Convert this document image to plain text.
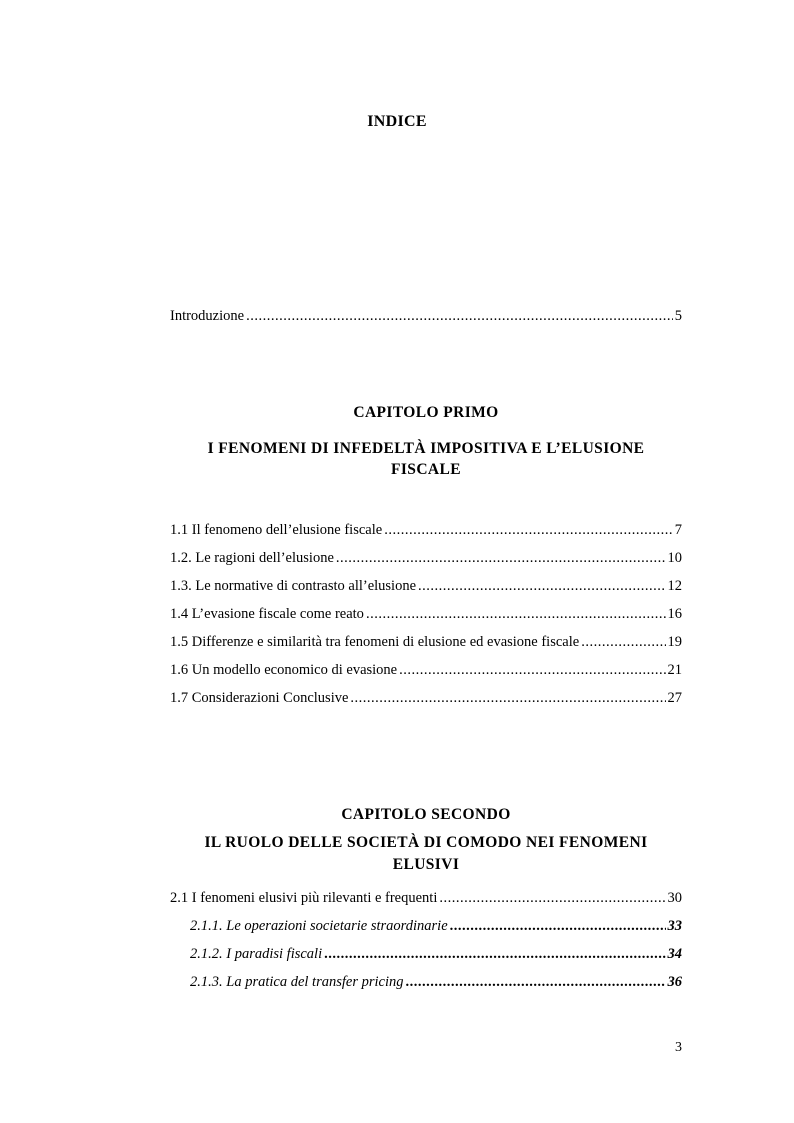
INDICE
Introduzione .....	5
CAPITOLO PRIMO
I FENOMENI DI INFEDELTÀ IMPOSITIVA E L’ELUSIONE
FISCALE
1.1 Il fenomeno dell’elusione fiscale .....	7
1.2. Le ragioni dell’elusione .....	10
1.3. Le normative di contrasto all’elusione .....	12
1.4 L’evasione fiscale come reato .....	16
1.5 Differenze e similarità tra fenomeni di elusione ed evasione fiscale .....	19
1.6 Un modello economico di evasione .....	21
1.7 Considerazioni Conclusive .....	27
CAPITOLO SECONDO
IL RUOLO DELLE SOCIETÀ DI COMODO NEI FENOMENI ELUSIVI
2.1 I fenomeni elusivi più rilevanti e frequenti .....	30
2.1.1. Le operazioni societarie straordinarie .....	33
2.1.2. I paradisi fiscali .....	34
2.1.3. La pratica del transfer pricing .....	36
3
